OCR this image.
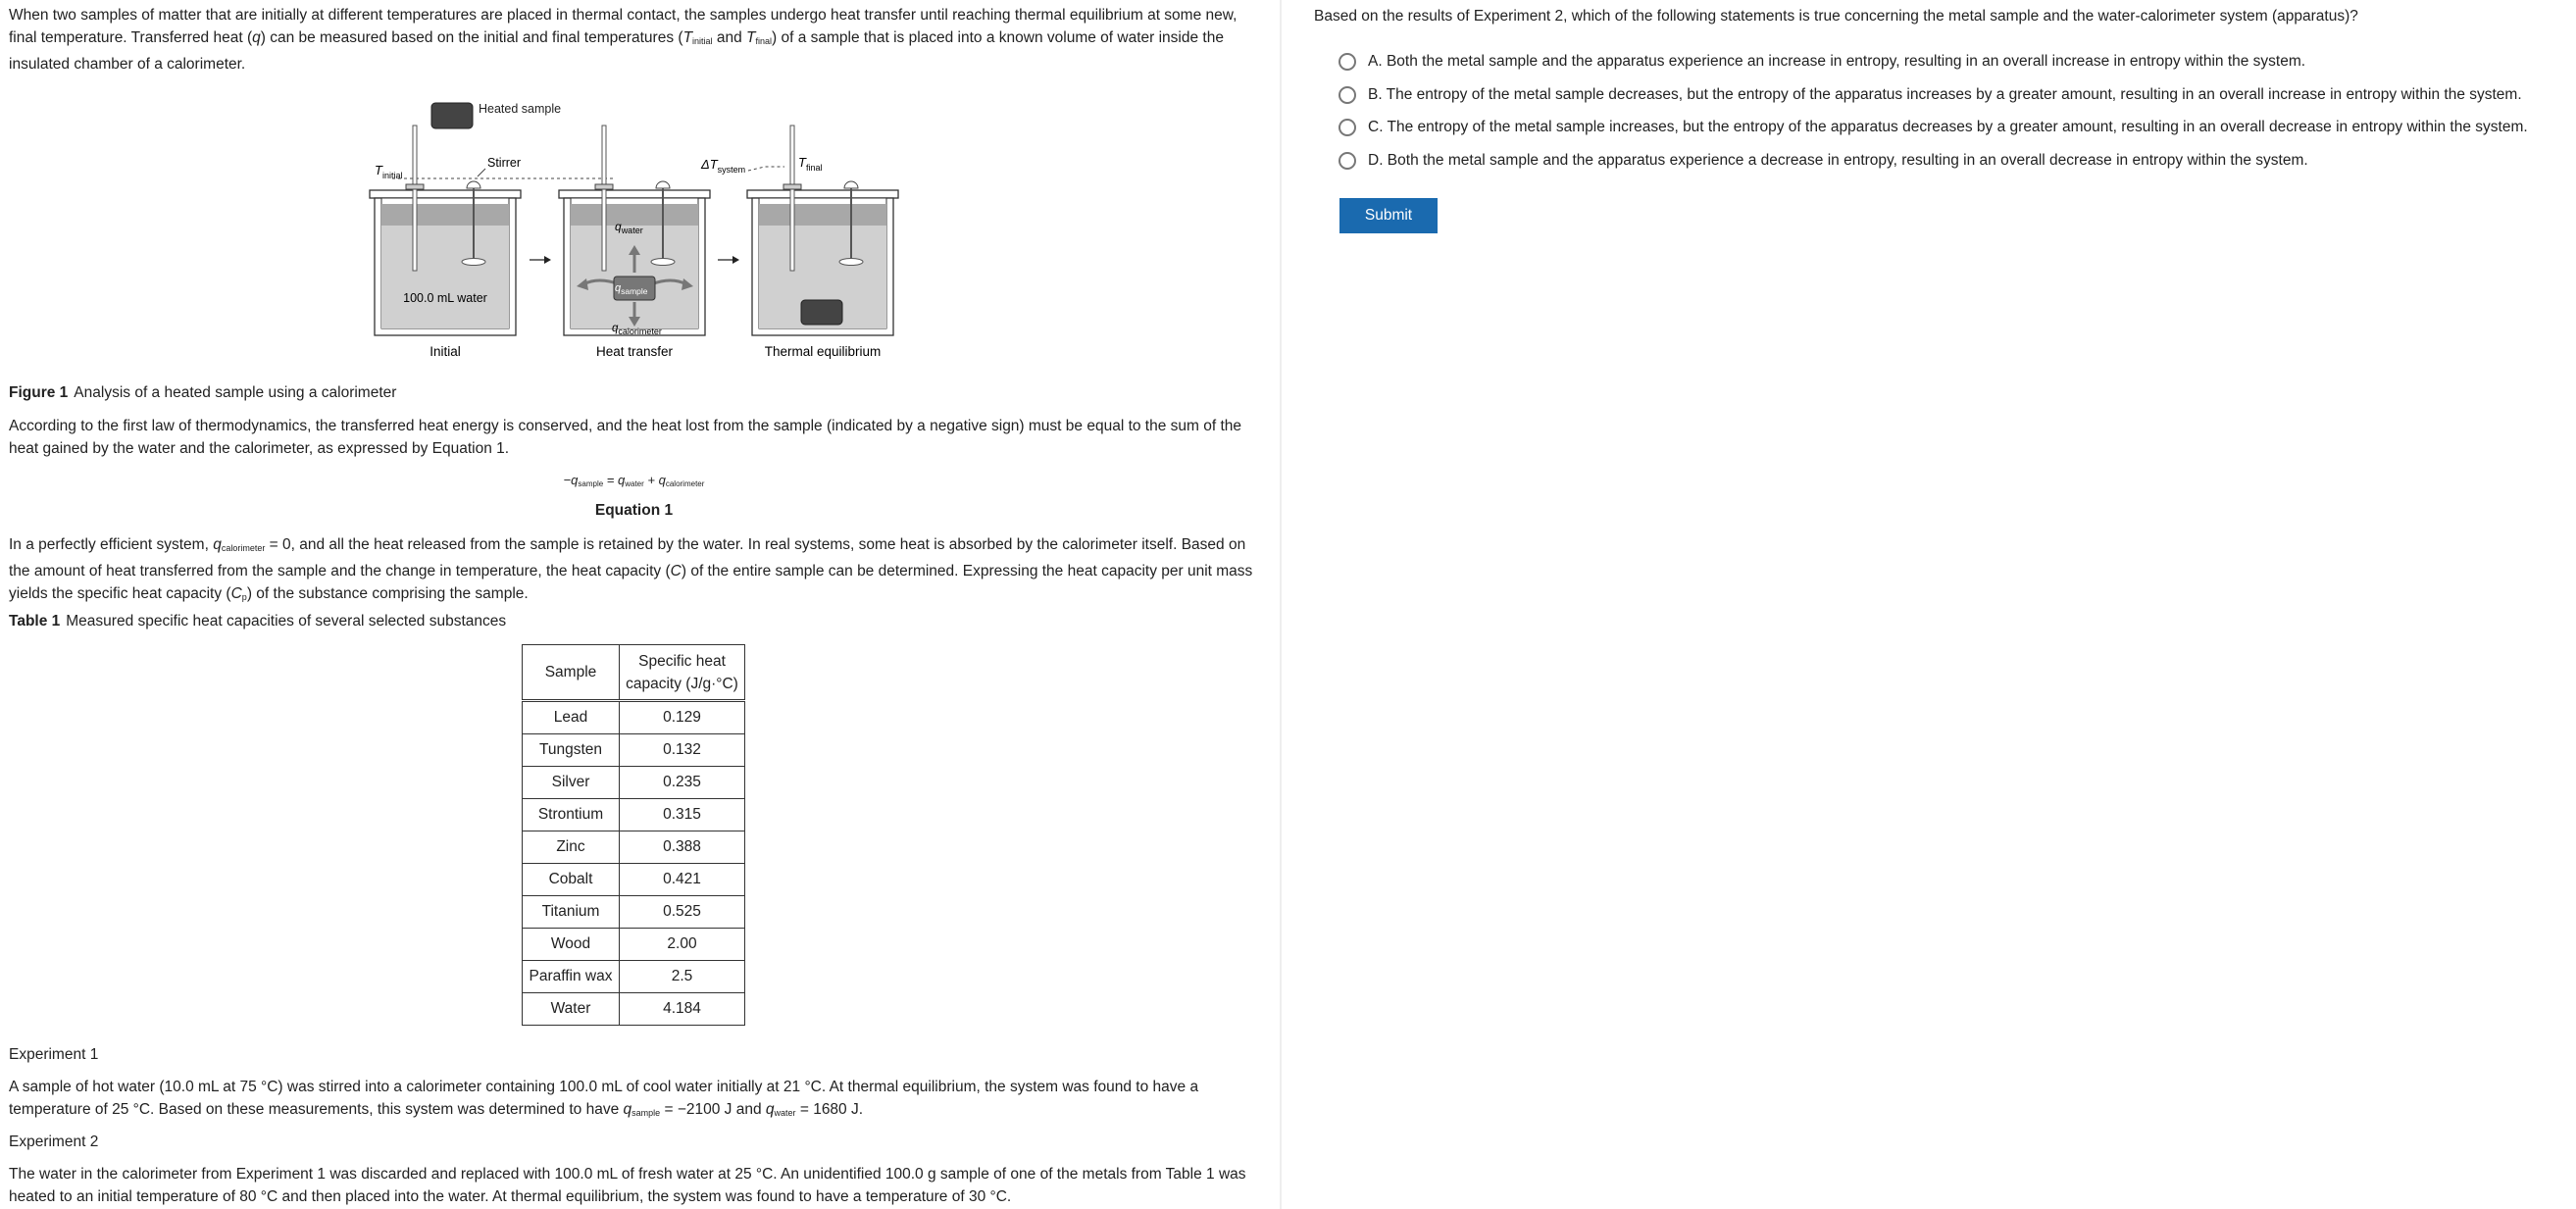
When two samples of matter that are initially at different temperatures are placed in thermal contact, the samples undergo heat transfer until reaching thermal equilibrium at some new, final temperature. Transferred heat (q) can be measured based on the initial and final temperatures ($T_{initial}$ and $T_{final}$) of a sample that is placed into a known volume of water inside the insulated chamber of a calorimeter.
Heated sample
$T_{initial}$
Stirrer	$\Delta T_{system}$	$T_{final}$
100.0 mL water
$q_{water}$
$q_{sample}$
$q_{calorimeter}$
Initial	Heat transfer	Thermal equilibrium
Figure 1 Analysis of a heated sample using a calorimeter
According to the first law of thermodynamics, the transferred heat energy is conserved, and the heat lost from the sample (indicated by a negative sign) must be equal to the sum of the heat gained by the water and the calorimeter, as expressed by Equation 1.
$-q_{sample} = q_{water} + q_{calorimeter}$
Equation 1
In a perfectly efficient system, $q_{calorimeter} = 0$, and all the heat released from the sample is retained by the water. In real systems, some heat is absorbed by the calorimeter itself. Based on the amount of heat transferred from the sample and the change in temperature, the heat capacity (C) of the entire sample can be determined. Expressing the heat capacity per unit mass yields the specific heat capacity $(C_p)$ of the substance comprising the sample.
Table 1 Measured specific heat capacities of several selected substances
Sample	Specific heat capacity (J/g·°C)
Lead	0.129
Tungsten	0.132
Silver	0.235
Strontium	0.315
Zinc	0.388
Cobalt	0.421
Titanium	0.525
Wood	2.00
Paraffin wax	2.5
Water	4.184
Experiment 1
A sample of hot water (10.0 mL at 75 °C) was stirred into a calorimeter containing 100.0 mL of cool water initially at 21 °C. At thermal equilibrium, the system was found to have a temperature of 25 °C. Based on these measurements, this system was determined to have $q_{sample} = -2100$ J and $q_{water} = 1680$ J.
Experiment 2
The water in the calorimeter from Experiment 1 was discarded and replaced with 100.0 mL of fresh water at 25 °C. An unidentified 100.0 g sample of one of the metals from Table 1 was heated to an initial temperature of 80 °C and then placed into the water. At thermal equilibrium, the system was found to have a temperature of 30 °C.
Based on the results of Experiment 2, which of the following statements is true concerning the metal sample and the water-calorimeter system (apparatus)?
A. Both the metal sample and the apparatus experience an increase in entropy, resulting in an overall increase in entropy within the system.
B. The entropy of the metal sample decreases, but the entropy of the apparatus increases by a greater amount, resulting in an overall increase in entropy within the system.
C. The entropy of the metal sample increases, but the entropy of the apparatus decreases by a greater amount, resulting in an overall decrease in entropy within the system.
D. Both the metal sample and the apparatus experience a decrease in entropy, resulting in an overall decrease in entropy within the system.
Submit
